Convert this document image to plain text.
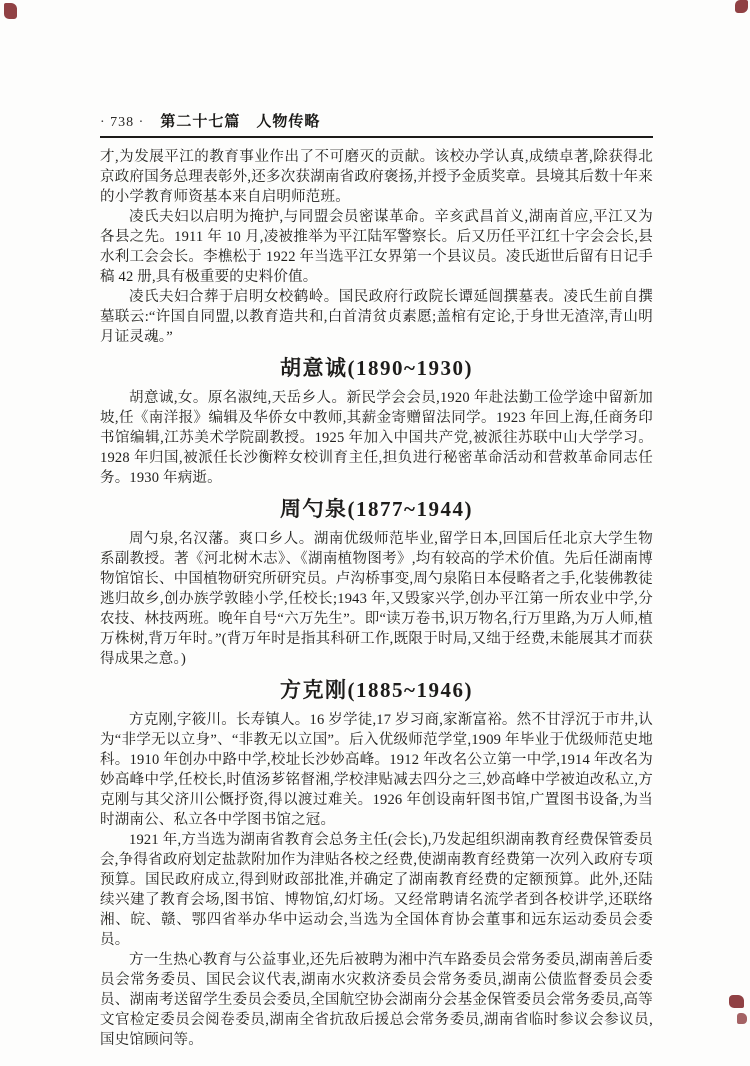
· 738 · 第二十七篇　人物传略

才,为发展平江的教育事业作出了不可磨灭的贡献。该校办学认真,成绩卓著,除获得北京政府国务总理表彰外,还多次获湖南省政府褒扬,并授予金质奖章。县境其后数十年来的小学教育师资基本来自启明师范班。

凌氏夫妇以启明为掩护,与同盟会员密谋革命。辛亥武昌首义,湖南首应,平江又为各县之先。1911 年 10 月,凌被推举为平江陆军警察长。后又历任平江红十字会会长,县水利工会会长。李樵松于 1922 年当选平江女界第一个县议员。凌氏逝世后留有日记手稿 42 册,具有极重要的史料价值。

凌氏夫妇合葬于启明女校鹤岭。国民政府行政院长谭延闿撰墓表。凌氏生前自撰墓联云:“许国自同盟,以教育造共和,白首清贫贞素愿;盖棺有定论,于身世无渣滓,青山明月证灵魂。”

胡意诚(1890~1930)

胡意诚,女。原名淑纯,天岳乡人。新民学会会员,1920 年赴法勤工俭学途中留新加坡,任《南洋报》编辑及华侨女中教师,其薪金寄赠留法同学。1923 年回上海,任商务印书馆编辑,江苏美术学院副教授。1925 年加入中国共产党,被派往苏联中山大学学习。1928 年归国,被派任长沙衡粹女校训育主任,担负进行秘密革命活动和营救革命同志任务。1930 年病逝。

周勺泉(1877~1944)

周勺泉,名汉藩。爽口乡人。湖南优级师范毕业,留学日本,回国后任北京大学生物系副教授。著《河北树木志》、《湖南植物图考》,均有较高的学术价值。先后任湖南博物馆馆长、中国植物研究所研究员。卢沟桥事变,周勺泉陷日本侵略者之手,化装佛教徒逃归故乡,创办族学敦睦小学,任校长;1943 年,又毁家兴学,创办平江第一所农业中学,分农技、林技两班。晚年自号“六万先生”。即“读万卷书,识万物名,行万里路,为万人师,植万株树,背万年时。”(背万年时是指其科研工作,既限于时局,又绌于经费,未能展其才而获得成果之意。)

方克刚(1885~1946)

方克刚,字筱川。长寿镇人。16 岁学徒,17 岁习商,家渐富裕。然不甘浮沉于市井,认为“非学无以立身”、“非教无以立国”。后入优级师范学堂,1909 年毕业于优级师范史地科。1910 年创办中路中学,校址长沙妙高峰。1912 年改名公立第一中学,1914 年改名为妙高峰中学,任校长,时值汤芗铭督湘,学校津贴减去四分之三,妙高峰中学被迫改私立,方克刚与其父济川公慨抒资,得以渡过难关。1926 年创设南轩图书馆,广置图书设备,为当时湖南公、私立各中学图书馆之冠。

1921 年,方当选为湖南省教育会总务主任(会长),乃发起组织湖南教育经费保管委员会,争得省政府划定盐款附加作为津贴各校之经费,使湖南教育经费第一次列入政府专项预算。国民政府成立,得到财政部批准,并确定了湖南教育经费的定额预算。此外,还陆续兴建了教育会场,图书馆、博物馆,幻灯场。又经常聘请名流学者到各校讲学,还联络湘、皖、赣、鄂四省举办华中运动会,当选为全国体育协会董事和远东运动委员会委员。

方一生热心教育与公益事业,还先后被聘为湘中汽车路委员会常务委员,湖南善后委员会常务委员、国民会议代表,湖南水灾救济委员会常务委员,湖南公债监督委员会委员、湖南考送留学生委员会委员,全国航空协会湖南分会基金保管委员会常务委员,高等文官检定委员会阅卷委员,湖南全省抗敌后援总会常务委员,湖南省临时参议会参议员,国史馆顾问等。
